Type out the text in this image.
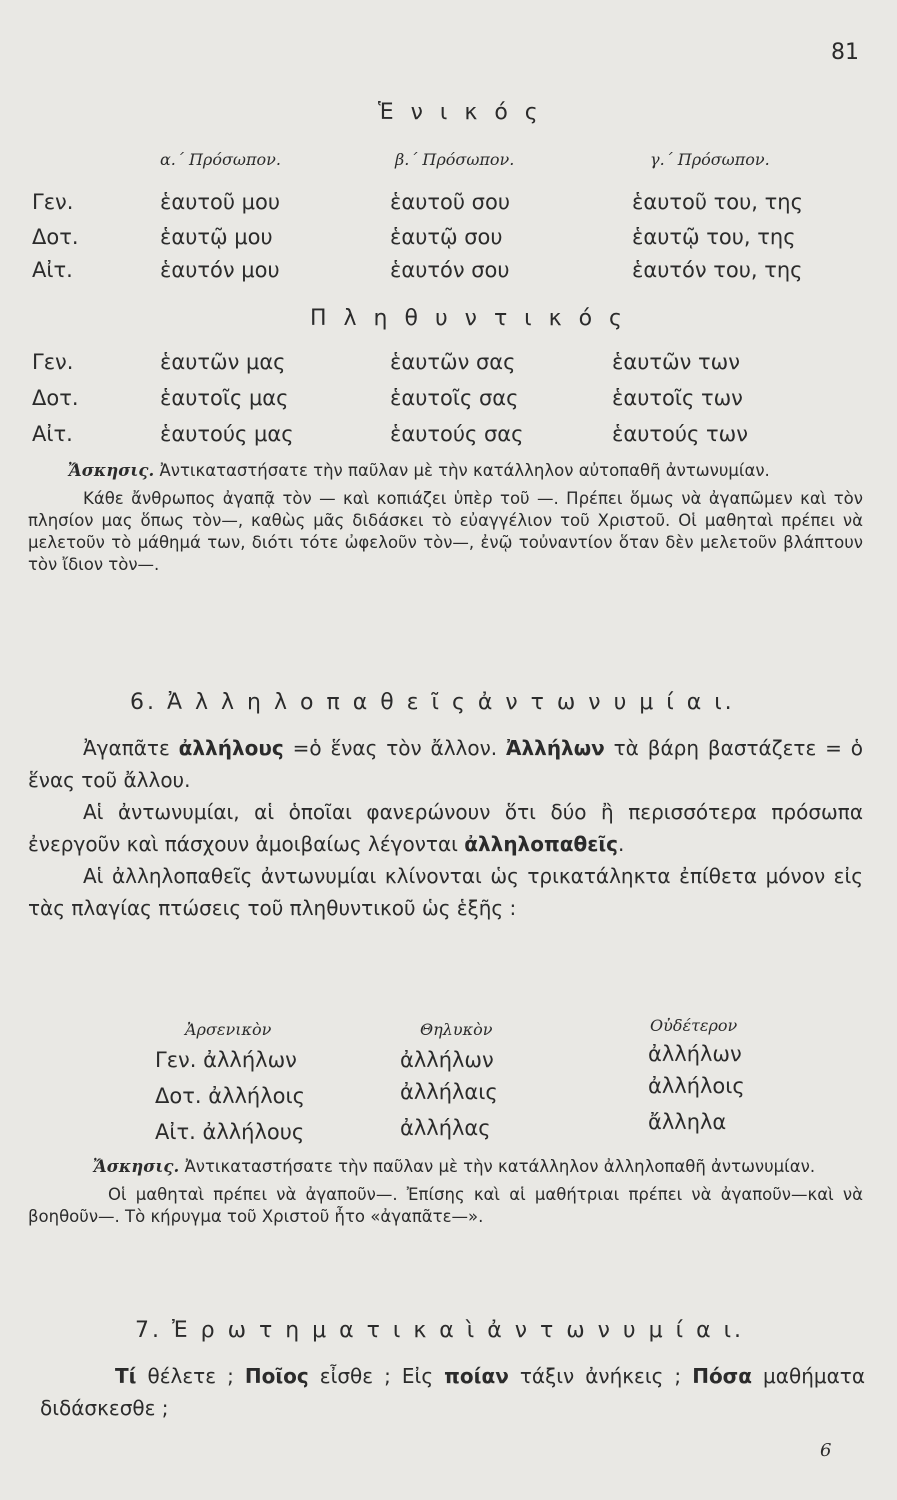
81
Ἑ ν ι κ ό ς
α.΄ Πρόσωπον.	β.΄ Πρόσωπον.	γ.΄ Πρόσωπον.
Γεν.	ἑαυτοῦ μου	ἑαυτοῦ σου	ἑαυτοῦ του, της
Δοτ.	ἑαυτῷ μου	ἑαυτῷ σου	ἑαυτῷ του, της
Αἰτ.	ἑαυτόν μου	ἑαυτόν σου	ἑαυτόν του, της
Π λ η θ υ ν τ ι κ ό ς
Γεν.	ἑαυτῶν μας	ἑαυτῶν σας	ἑαυτῶν των
Δοτ.	ἑαυτοῖς μας	ἑαυτοῖς σας	ἑαυτοῖς των
Αἰτ.	ἑαυτούς μας	ἑαυτούς σας	ἑαυτούς των
Ἄσκησις. Ἀντικαταστήσατε τὴν παῦλαν μὲ τὴν κατάλληλον αὐτοπαθῆ ἀντωνυμίαν.
Κάθε ἄνθρωπος ἀγαπᾷ τὸν — καὶ κοπιάζει ὑπὲρ τοῦ —. Πρέπει ὅμως νὰ ἀγαπῶμεν καὶ τὸν πλησίον μας ὅπως τὸν—, καθὼς μᾶς διδάσκει τὸ εὐαγγέλιον τοῦ Χριστοῦ. Οἱ μαθηταὶ πρέπει νὰ μελετοῦν τὸ μάθημά των, διότι τότε ὠφελοῦν τὸν—, ἐνῷ τοὐναντίον ὅταν δὲν μελετοῦν βλάπτουν τὸν ἴδιον τὸν—.
6. Ἀ λ λ η λ ο π α θ ε ῖ ς ἀ ν τ ω ν υ μ ί α ι.
Ἀγαπᾶτε ἀλλήλους =ὁ ἕνας τὸν ἄλλον. Ἀλλήλων τὰ βάρη βαστάζετε = ὁ ἕνας τοῦ ἄλλου.
Αἱ ἀντωνυμίαι, αἱ ὁποῖαι φανερώνουν ὅτι δύο ἢ περισσότερα πρόσωπα ἐνεργοῦν καὶ πάσχουν ἀμοιβαίως λέγονται ἀλληλοπαθεῖς.
Αἱ ἀλληλοπαθεῖς ἀντωνυμίαι κλίνονται ὡς τρικατάληκτα ἐπίθετα μόνον εἰς τὰς πλαγίας πτώσεις τοῦ πληθυντικοῦ ὡς ἑξῆς :
Ἀρσενικὸν	Θηλυκὸν	Οὐδέτερον
Γεν. ἀλλήλων	ἀλλήλων	ἀλλήλων
Δοτ. ἀλλήλοις	ἀλλήλαις	ἀλλήλοις
Αἰτ. ἀλλήλους	ἀλλήλας	ἄλληλα
Ἄσκησις. Ἀντικαταστήσατε τὴν παῦλαν μὲ τὴν κατάλληλον ἀλληλοπαθῆ ἀντωνυμίαν.
Οἱ μαθηταὶ πρέπει νὰ ἀγαποῦν—. Ἐπίσης καὶ αἱ μαθήτριαι πρέπει νὰ ἀγαποῦν—καὶ νὰ βοηθοῦν—. Τὸ κήρυγμα τοῦ Χριστοῦ ἦτο «ἀγαπᾶτε—».
7. Ἐ ρ ω τ η μ α τ ι κ α ὶ ἀ ν τ ω ν υ μ ί α ι.
Τί θέλετε ; Ποῖος εἶσθε ; Εἰς ποίαν τάξιν ἀνήκεις ; Πόσα μαθήματα διδάσκεσθε ;
6
